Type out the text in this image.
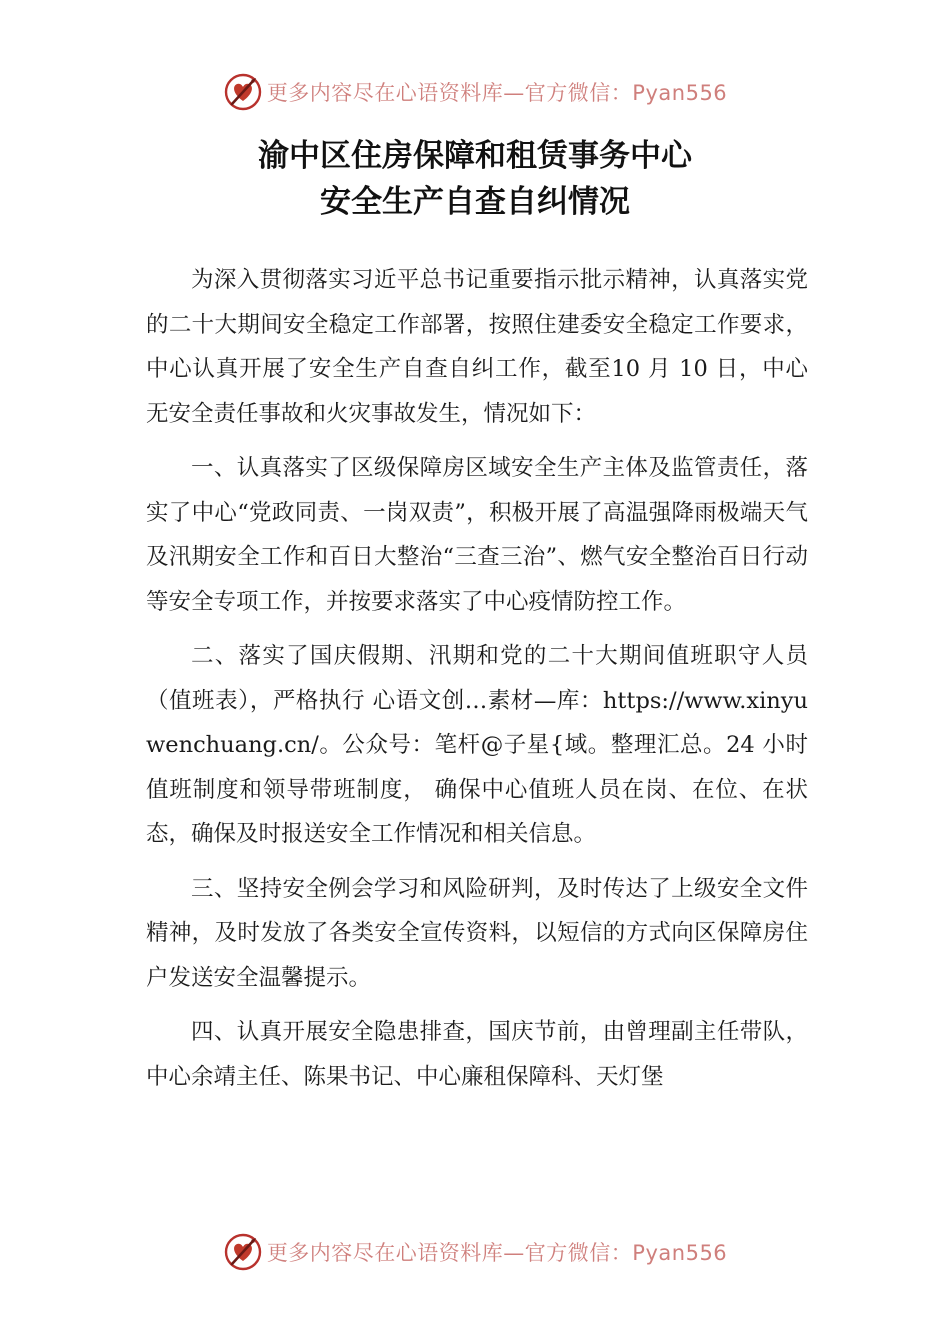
更多内容尽在心语资料库—官方微信：Pyan556
渝中区住房保障和租赁事务中心
安全生产自查自纠情况

为深入贯彻落实习近平总书记重要指示批示精神，认真落实党的二十大期间安全稳定工作部署，按照住建委安全稳定工作要求，中心认真开展了安全生产自查自纠工作，截至10 月 10 日，中心无安全责任事故和火灾事故发生，情况如下：

一、认真落实了区级保障房区域安全生产主体及监管责任，落实了中心“党政同责、一岗双责”，积极开展了高温强降雨极端天气及汛期安全工作和百日大整治“三查三治”、燃气安全整治百日行动等安全专项工作，并按要求落实了中心疫情防控工作。

二、落实了国庆假期、汛期和党的二十大期间值班职守人员（值班表），严格执行 心语文创…素材—库：https://www.xinyuwenchuang.cn/。公众号：笔杆@子星{域。整理汇总。24 小时值班制度和领导带班制度， 确保中心值班人员在岗、在位、在状态，确保及时报送安全工作情况和相关信息。

三、坚持安全例会学习和风险研判，及时传达了上级安全文件精神，及时发放了各类安全宣传资料，以短信的方式向区保障房住户发送安全温馨提示。

四、认真开展安全隐患排查，国庆节前，由曾理副主任带队，中心余靖主任、陈果书记、中心廉租保障科、天灯堡

更多内容尽在心语资料库—官方微信：Pyan556
